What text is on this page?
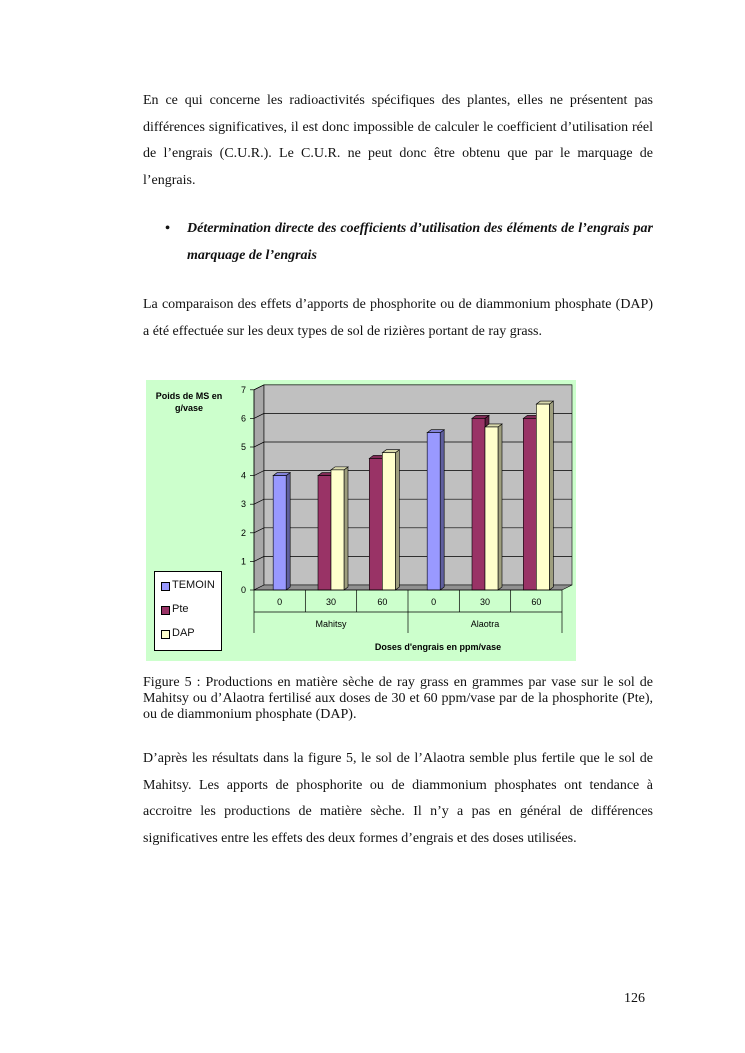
En ce qui concerne les radioactivités spécifiques des plantes, elles ne présentent pas différences significatives, il est donc impossible de calculer le coefficient d’utilisation réel de l’engrais (C.U.R.). Le C.U.R. ne peut donc être obtenu que par le marquage de l’engrais.

• Détermination directe des coefficients d’utilisation des éléments de l’engrais par marquage de l’engrais

La comparaison des effets d’apports de phosphorite ou de diammonium phosphate (DAP) a été effectuée sur les deux types de sol de rizières portant de ray grass.

Poids de MS en g/vase
0
1
2
3
4
5
6
7
0	30	60	0	30	60
Mahitsy	Alaotra
Doses d'engrais en ppm/vase
TEMOIN
Pte
DAP

Figure 5 : Productions en matière sèche de ray grass en grammes par vase sur le sol de Mahitsy ou d’Alaotra fertilisé aux doses de 30 et 60 ppm/vase par de la phosphorite (Pte), ou de diammonium phosphate (DAP).

D’après les résultats dans la figure 5, le sol de l’Alaotra semble plus fertile que le sol de Mahitsy. Les apports de phosphorite ou de diammonium phosphates ont tendance à accroitre les productions de matière sèche. Il n’y a pas en général de différences significatives entre les effets des deux formes d’engrais et des doses utilisées.

126
